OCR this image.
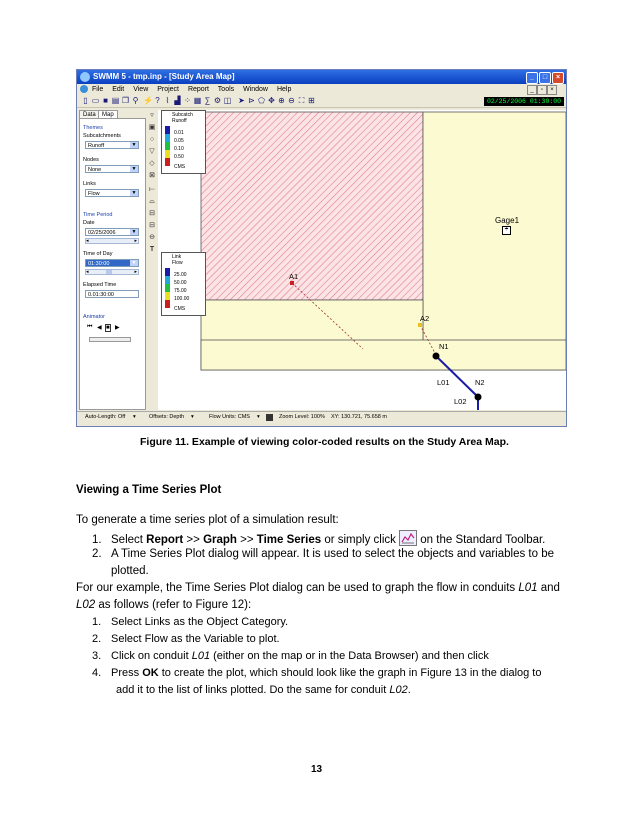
SWMM 5 - tmp.inp - [Study Area Map]	_	□	×
File Edit View Project Report Tools Window Help	_	▫	×
▯ ▭ ■ ▤ ❐ ⚲ ⚡ ? ⌇ ▟ ⁘ ▦ ∑ ⚙ ◫ ➤ ⊳ ⬠ ✥ ⊕ ⊖ ⛶ ⊞	02/25/2006 01:30:00
Data	Map
Themes
Subcatchments
Runoff	▼
Nodes
None	▼
Links
Flow	▼
Time Period
Date
02/25/2006	▼
◂	▸
Time of Day
01:30:00	▼
◂	▸
Elapsed Time
0.01:30:00
Animator
⏮ ◀ ■ ▶
▿
▣
○
▽
◇
⊠
⟝
⌓
⊟
⊟
⊖
T
☂
Gage1
A1
A2
N1
N2
L01
L02
Subcatch
Runoff
0.01
0.05
0.10
0.50
CMS
Link
Flow
25.00
50.00
75.00
100.00
CMS
Auto-Length: Off ▾ Offsets: Depth ▾	Flow Units: CMS ▾	Zoom Level: 100% XY: 130.721, 75.658 m
Figure 11. Example of viewing color-coded results on the Study Area Map.
Viewing a Time Series Plot
To generate a time series plot of a simulation result:
1. Select Report >> Graph >> Time Series or simply click
on the Standard Toolbar.
2. A Time Series Plot dialog will appear. It is used to select the objects and variables to be
plotted.
For our example, the Time Series Plot dialog can be used to graph the flow in conduits L01 and
L02 as follows (refer to Figure 12):
1. Select Links as the Object Category.
2. Select Flow as the Variable to plot.
3. Click on conduit L01 (either on the map or in the Data Browser) and then click
4. Press OK to create the plot, which should look like the graph in Figure 13 in the dialog to
add it to the list of links plotted. Do the same for conduit L02.
13
